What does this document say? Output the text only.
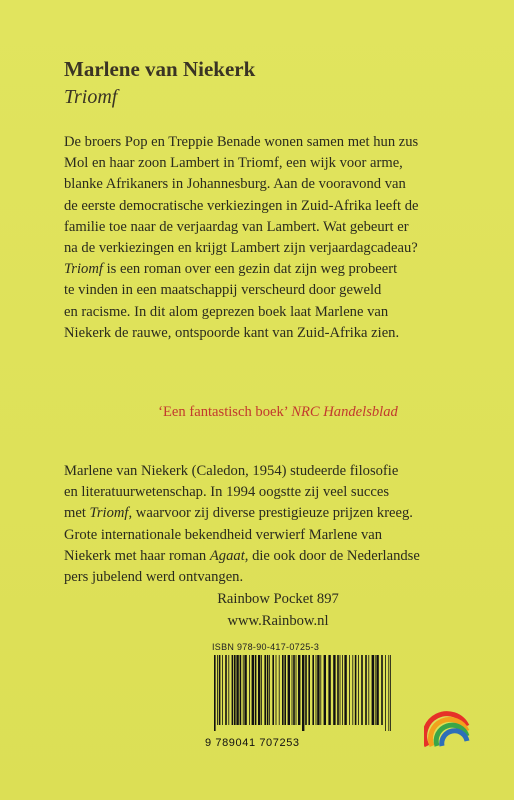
Marlene van Niekerk
Triomf

De broers Pop en Treppie Benade wonen samen met hun zus
Mol en haar zoon Lambert in Triomf, een wijk voor arme,
blanke Afrikaners in Johannesburg. Aan de vooravond van
de eerste democratische verkiezingen in Zuid-Afrika leeft de
familie toe naar de verjaardag van Lambert. Wat gebeurt er
na de verkiezingen en krijgt Lambert zijn verjaardagcadeau?
Triomf is een roman over een gezin dat zijn weg probeert
te vinden in een maatschappij verscheurd door geweld
en racisme. In dit alom geprezen boek laat Marlene van
Niekerk de rauwe, ontspoorde kant van Zuid-Afrika zien.

‘Een fantastisch boek’ NRC Handelsblad

Marlene van Niekerk (Caledon, 1954) studeerde filosofie
en literatuurwetenschap. In 1994 oogstte zij veel succes
met Triomf, waarvoor zij diverse prestigieuze prijzen kreeg.
Grote internationale bekendheid verwierf Marlene van
Niekerk met haar roman Agaat, die ook door de Nederlandse
pers jubelend werd ontvangen.

Rainbow Pocket 897
www.Rainbow.nl
ISBN 978-90-417-0725-3
9 789041 707253
